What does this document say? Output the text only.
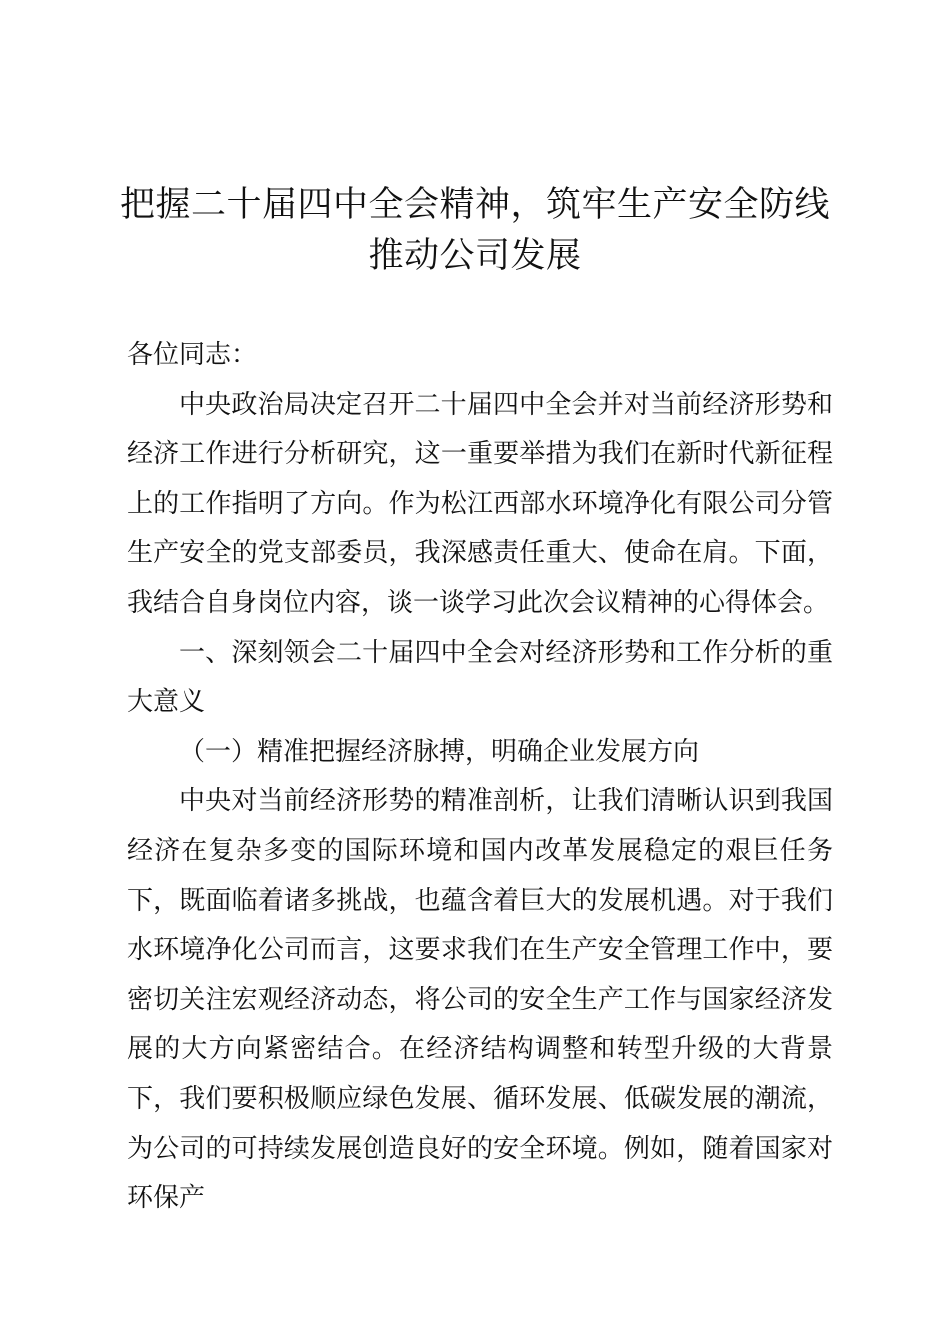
把握二十届四中全会精神，筑牢生产安全防线
推动公司发展

各位同志：

中央政治局决定召开二十届四中全会并对当前经济形势和经济工作进行分析研究，这一重要举措为我们在新时代新征程上的工作指明了方向。作为松江西部水环境净化有限公司分管生产安全的党支部委员，我深感责任重大、使命在肩。下面，我结合自身岗位内容，谈一谈学习此次会议精神的心得体会。

一、深刻领会二十届四中全会对经济形势和工作分析的重大意义

（一）精准把握经济脉搏，明确企业发展方向

中央对当前经济形势的精准剖析，让我们清晰认识到我国经济在复杂多变的国际环境和国内改革发展稳定的艰巨任务下，既面临着诸多挑战，也蕴含着巨大的发展机遇。对于我们水环境净化公司而言，这要求我们在生产安全管理工作中，要密切关注宏观经济动态，将公司的安全生产工作与国家经济发展的大方向紧密结合。在经济结构调整和转型升级的大背景下，我们要积极顺应绿色发展、循环发展、低碳发展的潮流，为公司的可持续发展创造良好的安全环境。例如，随着国家对环保产
